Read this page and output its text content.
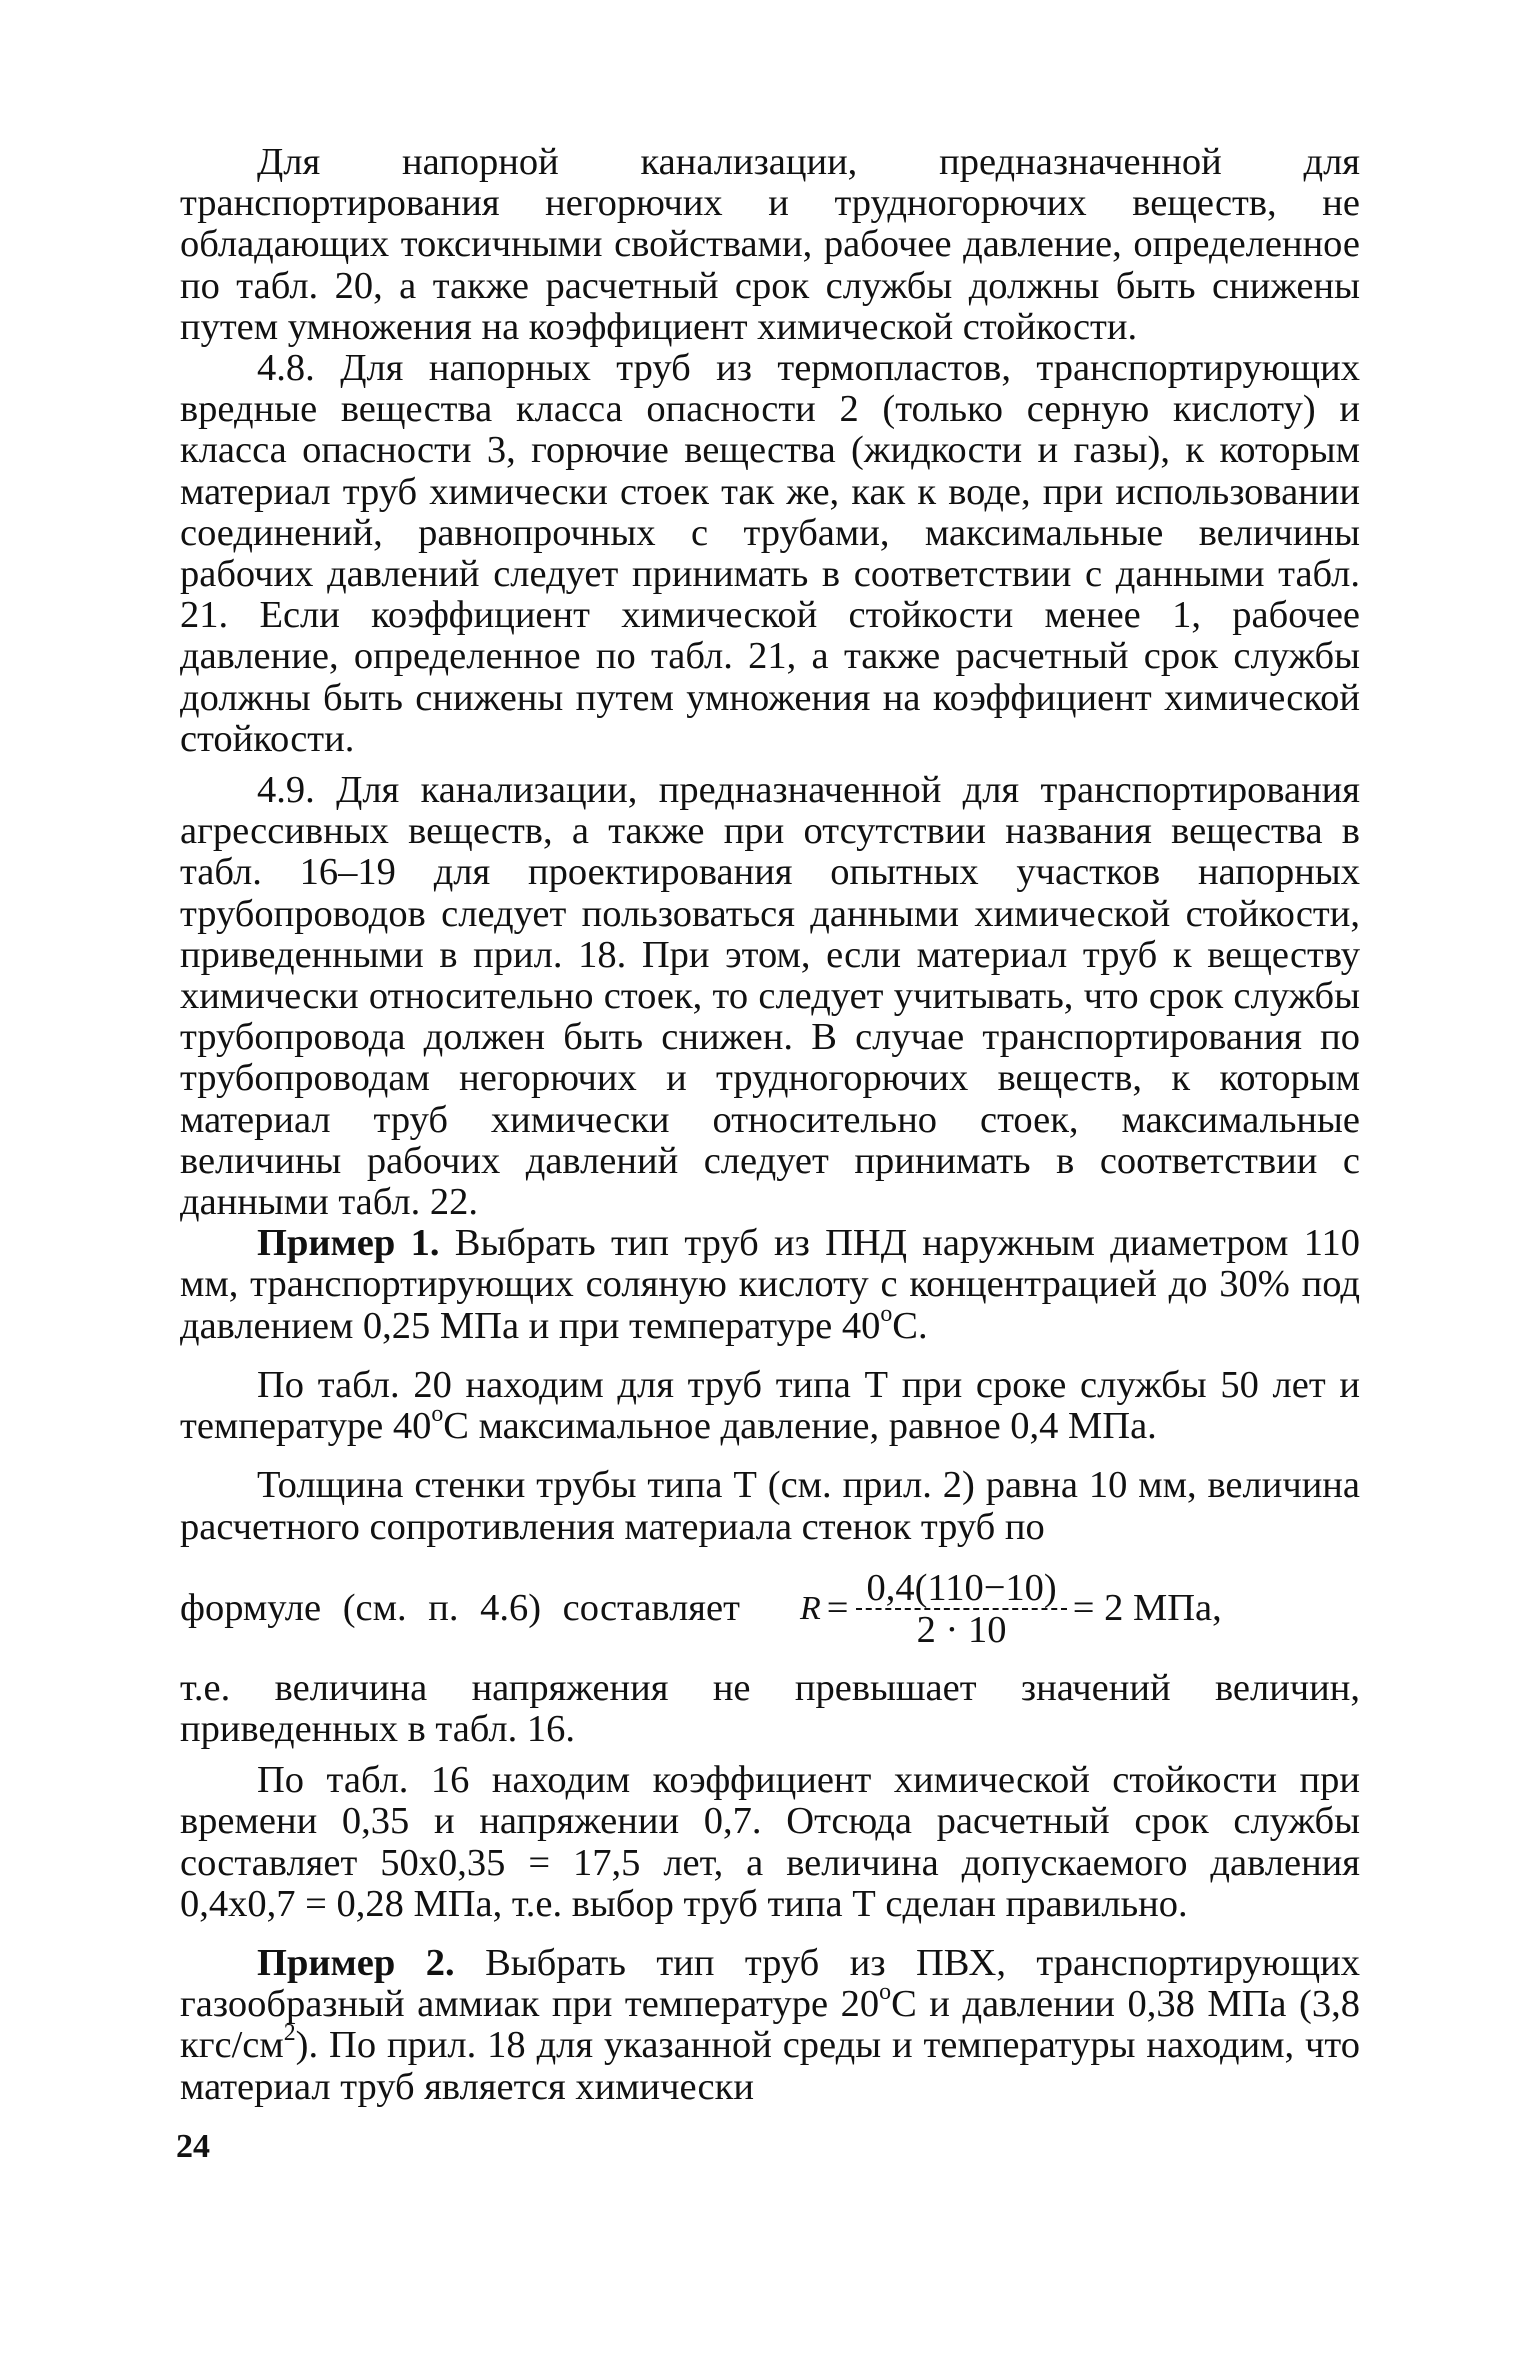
Для напорной канализации, предназначенной для транспортирования негорючих и трудногорючих веществ, не обладающих токсичными свойствами, рабочее давление, определенное по табл. 20, а также расчетный срок службы должны быть снижены путем умножения на коэффициент химической стойкости.

4.8. Для напорных труб из термопластов, транспортирующих вредные вещества класса опасности 2 (только серную кислоту) и класса опасности 3, горючие вещества (жидкости и газы), к которым материал труб химически стоек так же, как к воде, при использовании соединений, равнопрочных с трубами, максимальные величины рабочих давлений следует принимать в соответствии с данными табл. 21. Если коэффициент химической стойкости менее 1, рабочее давление, определенное по табл. 21, а также расчетный срок службы должны быть снижены путем умножения на коэффициент химической стойкости.

4.9. Для канализации, предназначенной для транспортирования агрессивных веществ, а также при отсутствии названия вещества в табл. 16–19 для проектирования опытных участков напорных трубопроводов следует пользоваться данными химической стойкости, приведенными в прил. 18. При этом, если материал труб к веществу химически относительно стоек, то следует учитывать, что срок службы трубопровода должен быть снижен. В случае транспортирования по трубопроводам негорючих и трудногорючих веществ, к которым материал труб химически относительно стоек, максимальные величины рабочих давлений следует принимать в соответствии с данными табл. 22.

Пример 1. Выбрать тип труб из ПНД наружным диаметром 110 мм, транспортирующих соляную кислоту с концентрацией до 30% под давлением 0,25 МПа и при температуре $40^оС$.

По табл. 20 находим для труб типа Т при сроке службы 50 лет и температуре $40^оС$ максимальное давление, равное 0,4 МПа.

Толщина стенки трубы типа Т (см. прил. 2) равна 10 мм, величина расчетного сопротивления материала стенок труб по

формуле (см. п. 4.6) составляет $R = \frac{0,4(110-10)}{2 \cdot 10} = 2$ МПа,

т.е. величина напряжения не превышает значений величин, приведенных в табл. 16.

По табл. 16 находим коэффициент химической стойкости при времени 0,35 и напряжении 0,7. Отсюда расчетный срок службы составляет 50х0,35 = 17,5 лет, а величина допускаемого давления 0,4х0,7 = 0,28 МПа, т.е. выбор труб типа Т сделан правильно.

Пример 2. Выбрать тип труб из ПВХ, транспортирующих газообразный аммиак при температуре $20^оС$ и давлении 0,38 МПа (3,8 кгс/$см^2$). По прил. 18 для указанной среды и температуры находим, что материал труб является химически

24
